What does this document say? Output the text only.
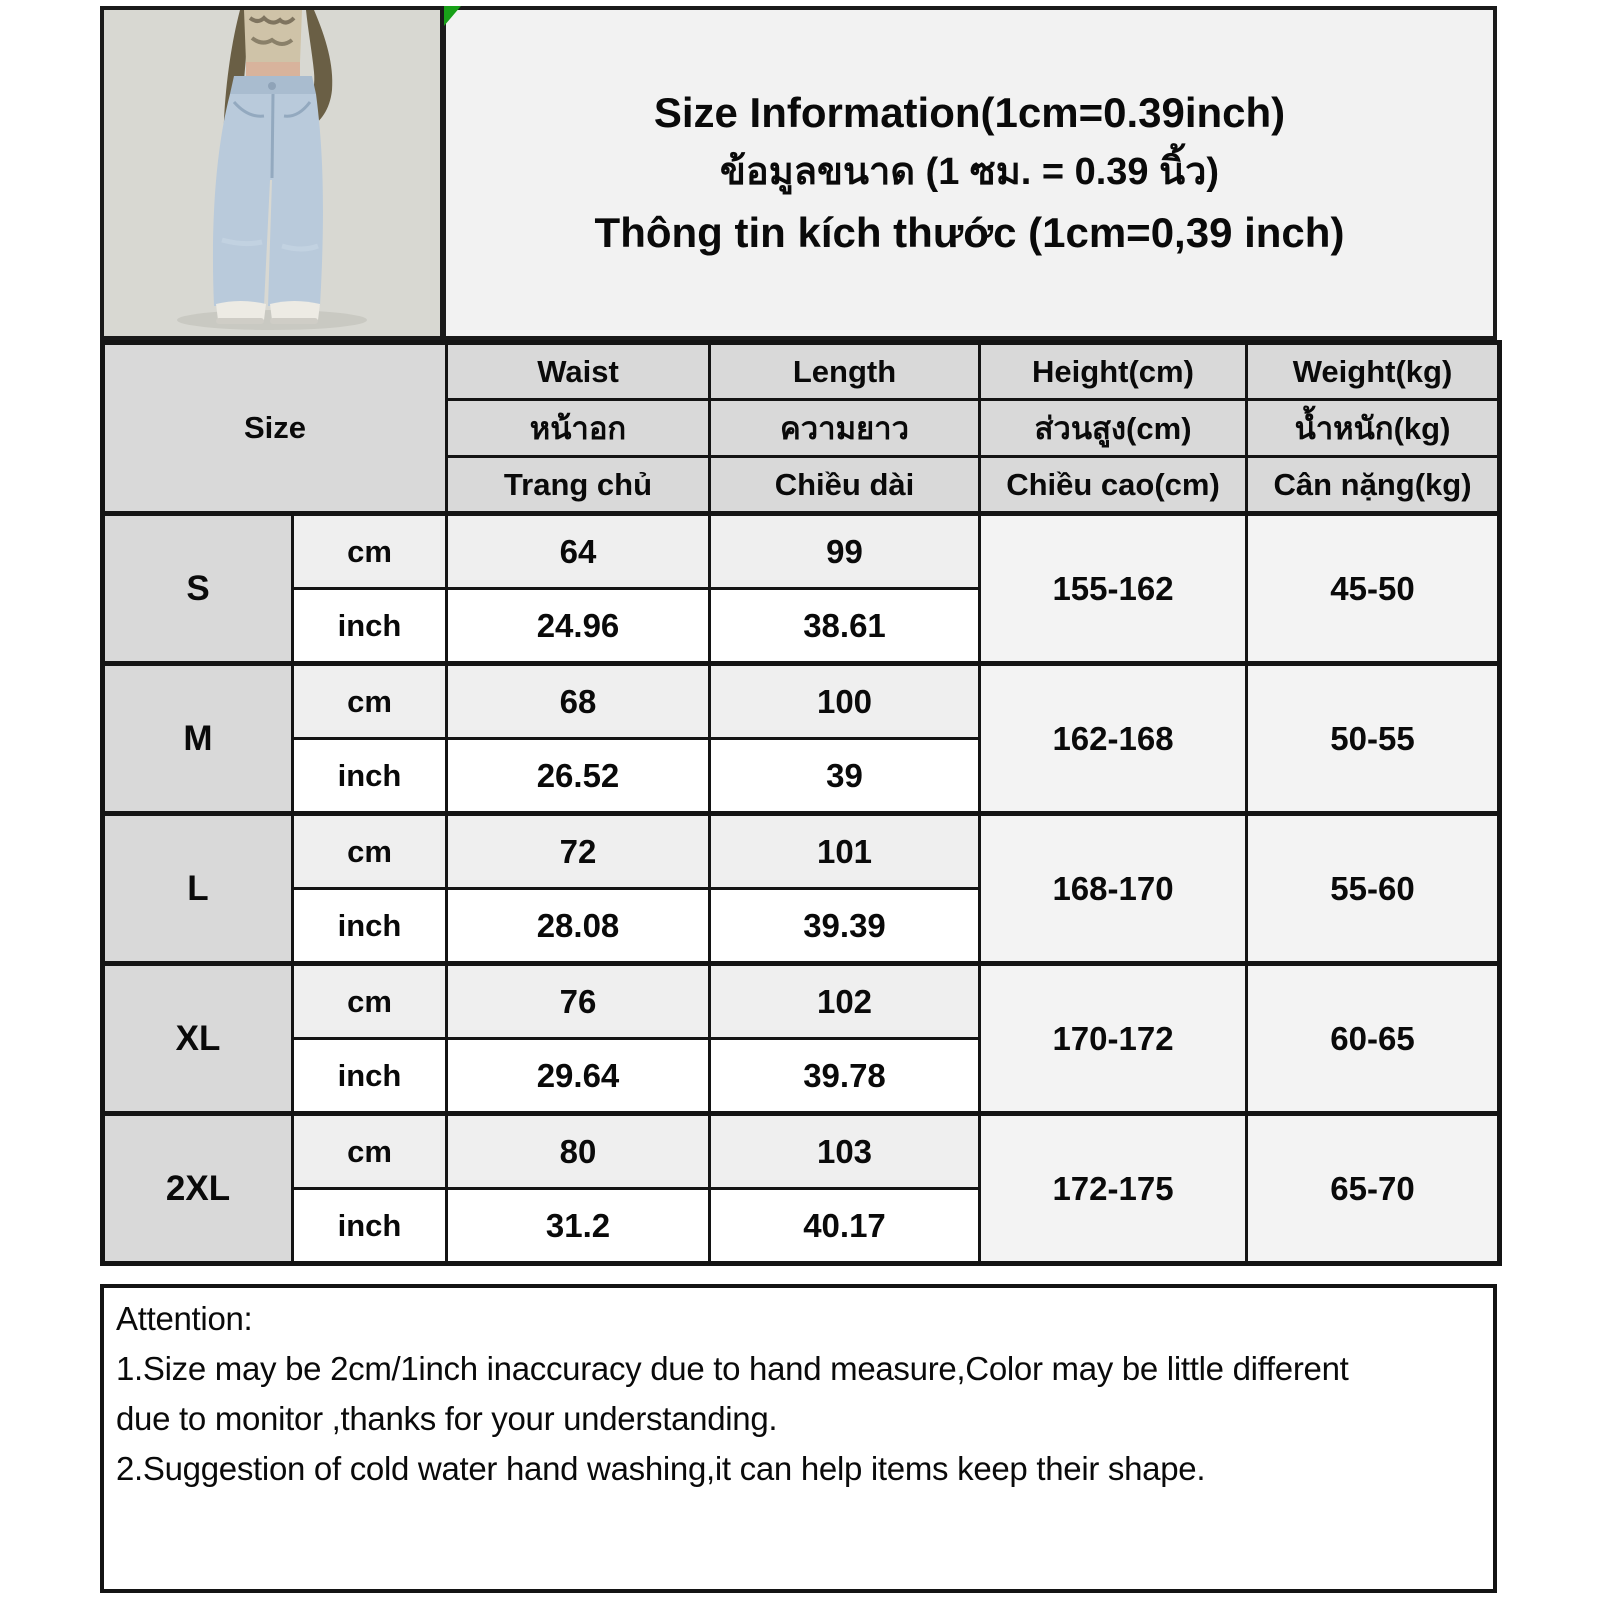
Size Information(1cm=0.39inch)
ข้อมูลขนาด (1 ซม. = 0.39 นิ้ว)
Thông tin kích thước (1cm=0,39 inch)
Size		Waist	Length	Height(cm)	Weight(kg)
		หน้าอก	ความยาว	ส่วนสูง(cm)	น้ำหนัก(kg)
		Trang chủ	Chiều dài	Chiều cao(cm)	Cân nặng(kg)
S	cm	64	99	155-162	45-50
	inch	24.96	38.61		
M	cm	68	100	162-168	50-55
	inch	26.52	39		
L	cm	72	101	168-170	55-60
	inch	28.08	39.39		
XL	cm	76	102	170-172	60-65
	inch	29.64	39.78		
2XL	cm	80	103	172-175	65-70
	inch	31.2	40.17		
Attention:
1.Size may be 2cm/1inch inaccuracy due to hand measure,Color may be little different
due to monitor ,thanks for your understanding.
2.Suggestion of cold water hand washing,it can help items keep their shape.
